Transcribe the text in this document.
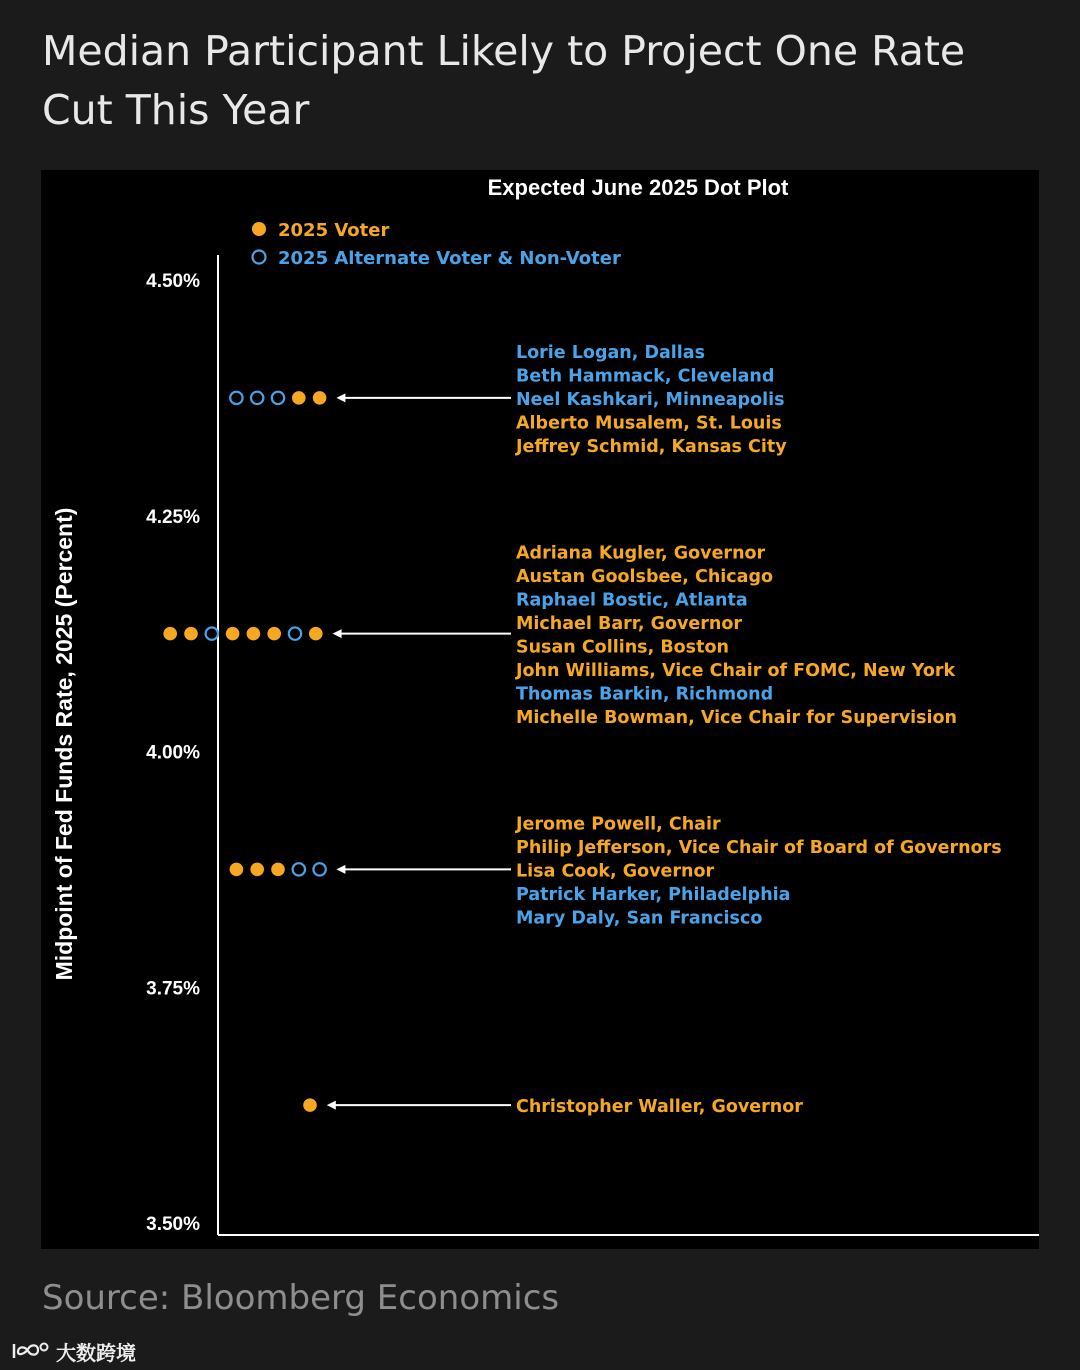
Median Participant Likely to Project One Rate Cut This Year
Expected June 2025 Dot Plot
2025 Voter
2025 Alternate Voter & Non-Voter
Midpoint of Fed Funds Rate, 2025 (Percent)
4.50%
4.25%
4.00%
3.75%
3.50%
Lorie Logan, Dallas
Beth Hammack, Cleveland
Neel Kashkari, Minneapolis
Alberto Musalem, St. Louis
Jeffrey Schmid, Kansas City
Adriana Kugler, Governor
Austan Goolsbee, Chicago
Raphael Bostic, Atlanta
Michael Barr, Governor
Susan Collins, Boston
John Williams, Vice Chair of FOMC, New York
Thomas Barkin, Richmond
Michelle Bowman, Vice Chair for Supervision
Jerome Powell, Chair
Philip Jefferson, Vice Chair of Board of Governors
Lisa Cook, Governor
Patrick Harker, Philadelphia
Mary Daly, San Francisco
Christopher Waller, Governor
Source: Bloomberg Economics
大数跨境
